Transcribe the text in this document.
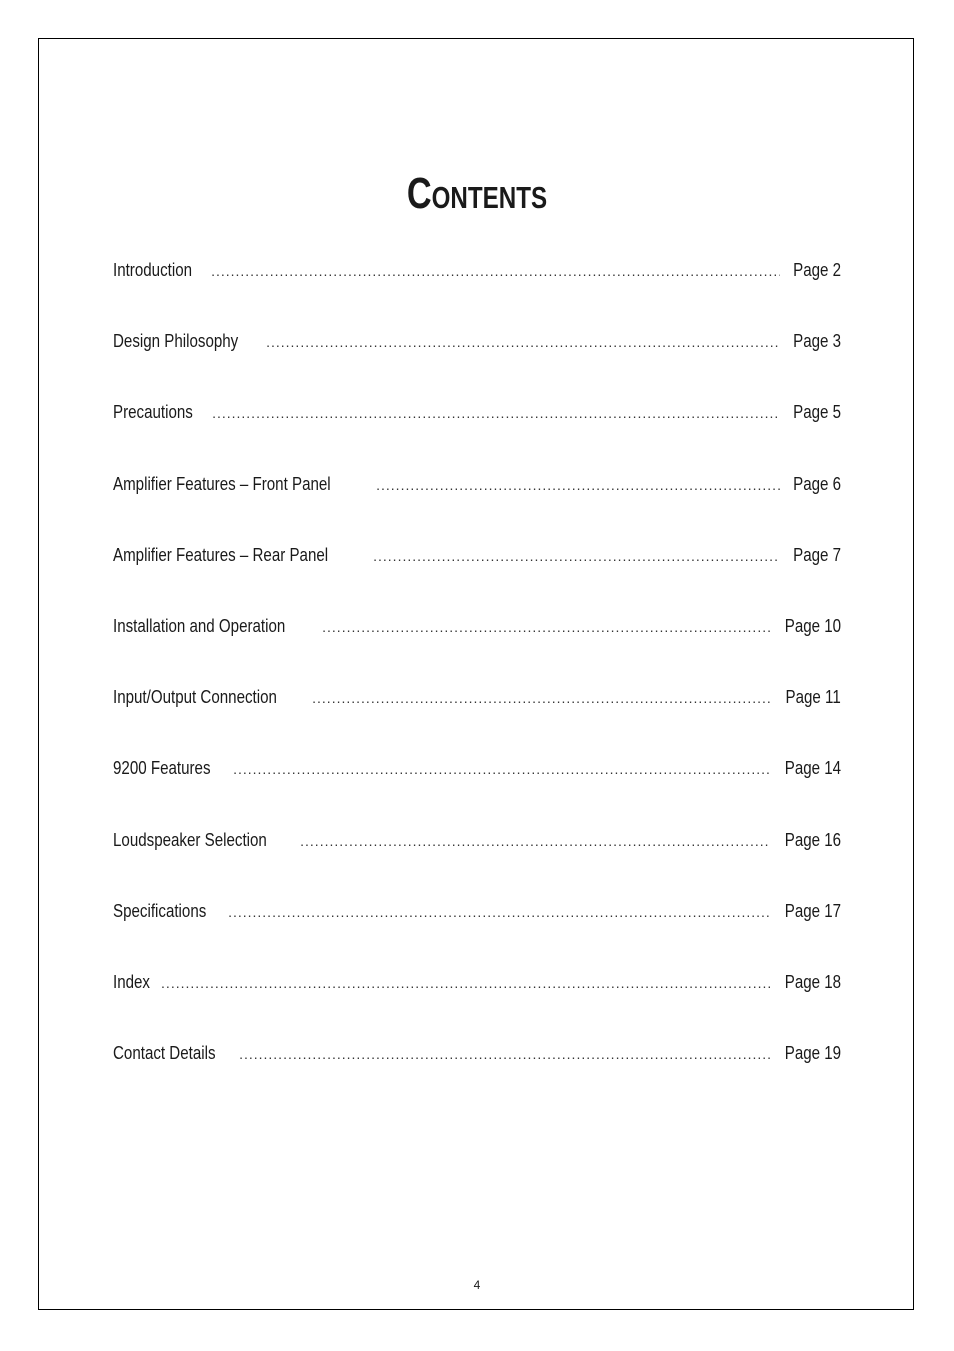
Contents
Introduction .....	Page 2
Design Philosophy .....	Page 3
Precautions .....	Page 5
Amplifier Features – Front Panel .....	Page 6
Amplifier Features – Rear Panel .....	Page 7
Installation and Operation .....	Page 10
Input/Output Connection .....	Page 11
9200 Features .....	Page 14
Loudspeaker Selection .....	Page 16
Specifications .....	Page 17
Index .....	Page 18
Contact Details .....	Page 19
4
